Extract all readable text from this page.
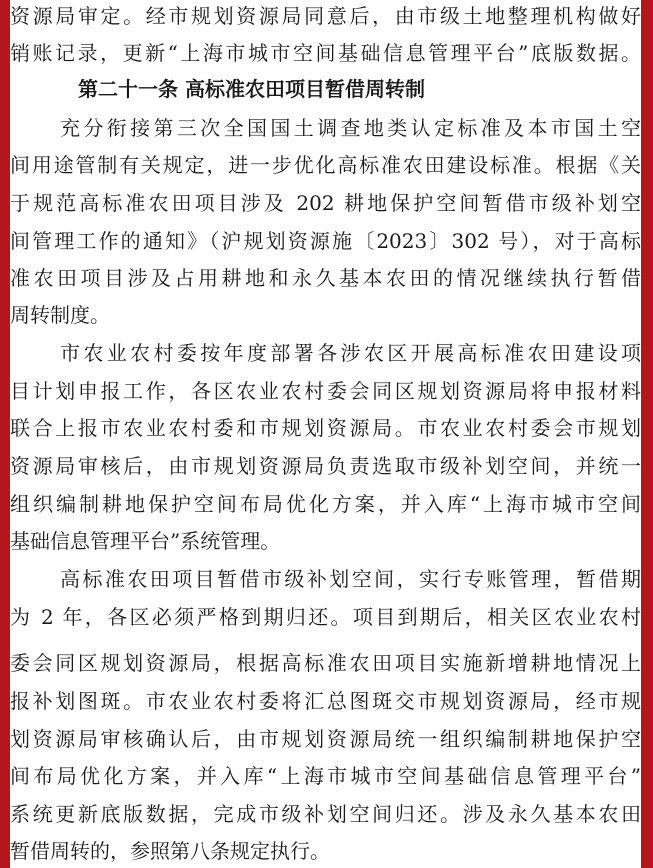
资源局审定。经市规划资源局同意后，由市级土地整理机构做好
销账记录，更新“上海市城市空间基础信息管理平台”底版数据。
第二十一条 高标准农田项目暂借周转制
充分衔接第三次全国国土调查地类认定标准及本市国土空
间用途管制有关规定，进一步优化高标准农田建设标准。根据《关
于规范高标准农田项目涉及 202 耕地保护空间暂借市级补划空
间管理工作的通知》（沪规划资源施〔2023〕302 号），对于高标
准农田项目涉及占用耕地和永久基本农田的情况继续执行暂借
周转制度。
市农业农村委按年度部署各涉农区开展高标准农田建设项
目计划申报工作，各区农业农村委会同区规划资源局将申报材料
联合上报市农业农村委和市规划资源局。市农业农村委会市规划
资源局审核后，由市规划资源局负责选取市级补划空间，并统一
组织编制耕地保护空间布局优化方案，并入库“上海市城市空间
基础信息管理平台”系统管理。
高标准农田项目暂借市级补划空间，实行专账管理，暂借期
为 2 年，各区必须严格到期归还。项目到期后，相关区农业农村
委会同区规划资源局，根据高标准农田项目实施新增耕地情况上
报补划图斑。市农业农村委将汇总图斑交市规划资源局，经市规
划资源局审核确认后，由市规划资源局统一组织编制耕地保护空
间布局优化方案，并入库“上海市城市空间基础信息管理平台”
系统更新底版数据，完成市级补划空间归还。涉及永久基本农田
暂借周转的，参照第八条规定执行。
